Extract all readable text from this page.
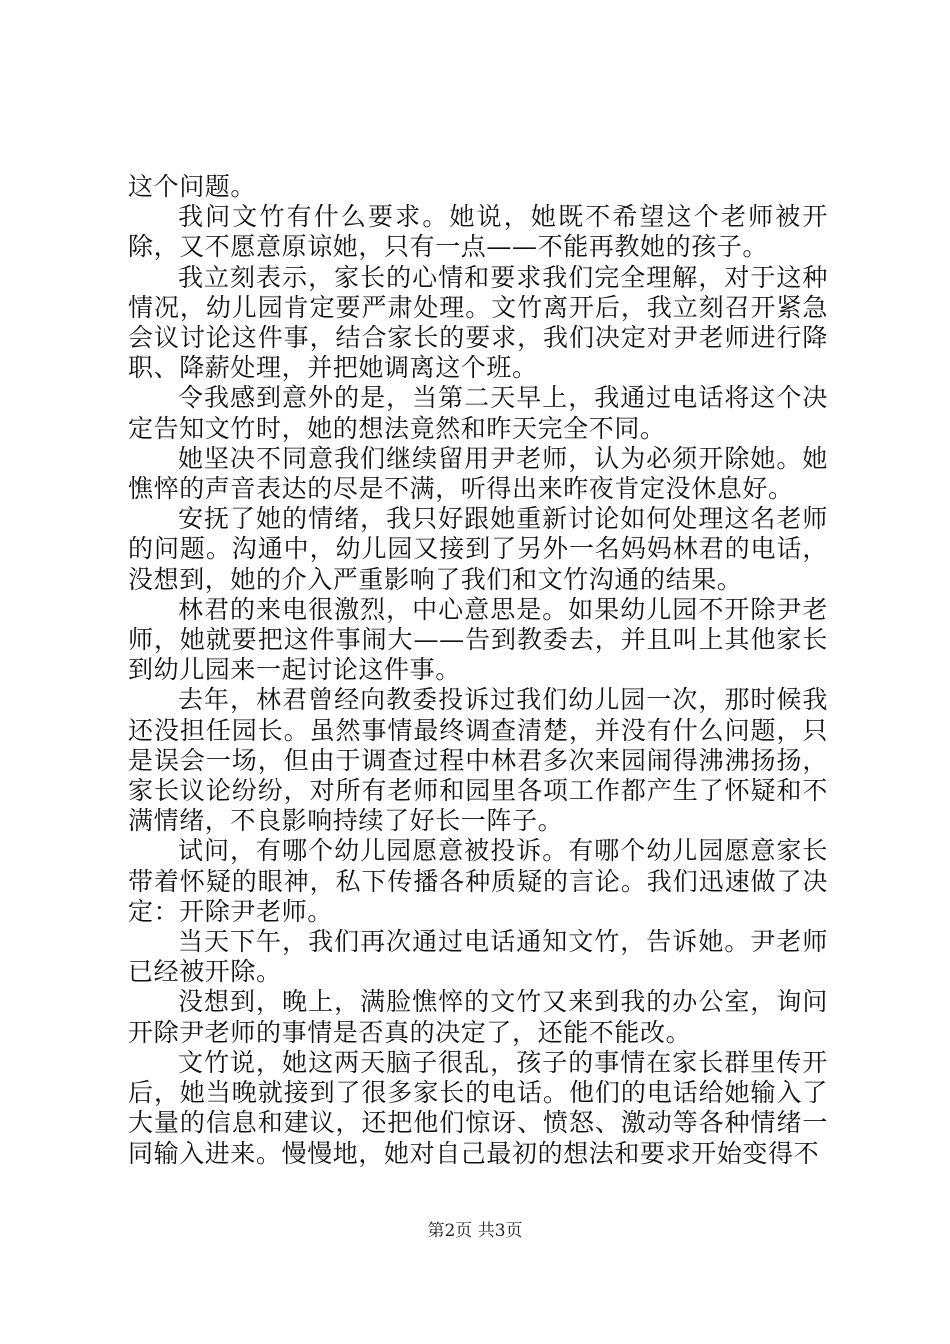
这个问题。

我问文竹有什么要求。她说，她既不希望这个老师被开除，又不愿意原谅她，只有一点——不能再教她的孩子。

我立刻表示，家长的心情和要求我们完全理解，对于这种情况，幼儿园肯定要严肃处理。文竹离开后，我立刻召开紧急会议讨论这件事，结合家长的要求，我们决定对尹老师进行降职、降薪处理，并把她调离这个班。

令我感到意外的是，当第二天早上，我通过电话将这个决定告知文竹时，她的想法竟然和昨天完全不同。

她坚决不同意我们继续留用尹老师，认为必须开除她。她憔悴的声音表达的尽是不满，听得出来昨夜肯定没休息好。

安抚了她的情绪，我只好跟她重新讨论如何处理这名老师的问题。沟通中，幼儿园又接到了另外一名妈妈林君的电话，没想到，她的介入严重影响了我们和文竹沟通的结果。

林君的来电很激烈，中心意思是。如果幼儿园不开除尹老师，她就要把这件事闹大——告到教委去，并且叫上其他家长到幼儿园来一起讨论这件事。

去年，林君曾经向教委投诉过我们幼儿园一次，那时候我还没担任园长。虽然事情最终调查清楚，并没有什么问题，只是误会一场，但由于调查过程中林君多次来园闹得沸沸扬扬，家长议论纷纷，对所有老师和园里各项工作都产生了怀疑和不满情绪，不良影响持续了好长一阵子。

试问，有哪个幼儿园愿意被投诉。有哪个幼儿园愿意家长带着怀疑的眼神，私下传播各种质疑的言论。我们迅速做了决定：开除尹老师。

当天下午，我们再次通过电话通知文竹，告诉她。尹老师已经被开除。

没想到，晚上，满脸憔悴的文竹又来到我的办公室，询问开除尹老师的事情是否真的决定了，还能不能改。

文竹说，她这两天脑子很乱，孩子的事情在家长群里传开后，她当晚就接到了很多家长的电话。他们的电话给她输入了大量的信息和建议，还把他们惊讶、愤怒、激动等各种情绪一同输入进来。慢慢地，她对自己最初的想法和要求开始变得不

第2页 共3页
